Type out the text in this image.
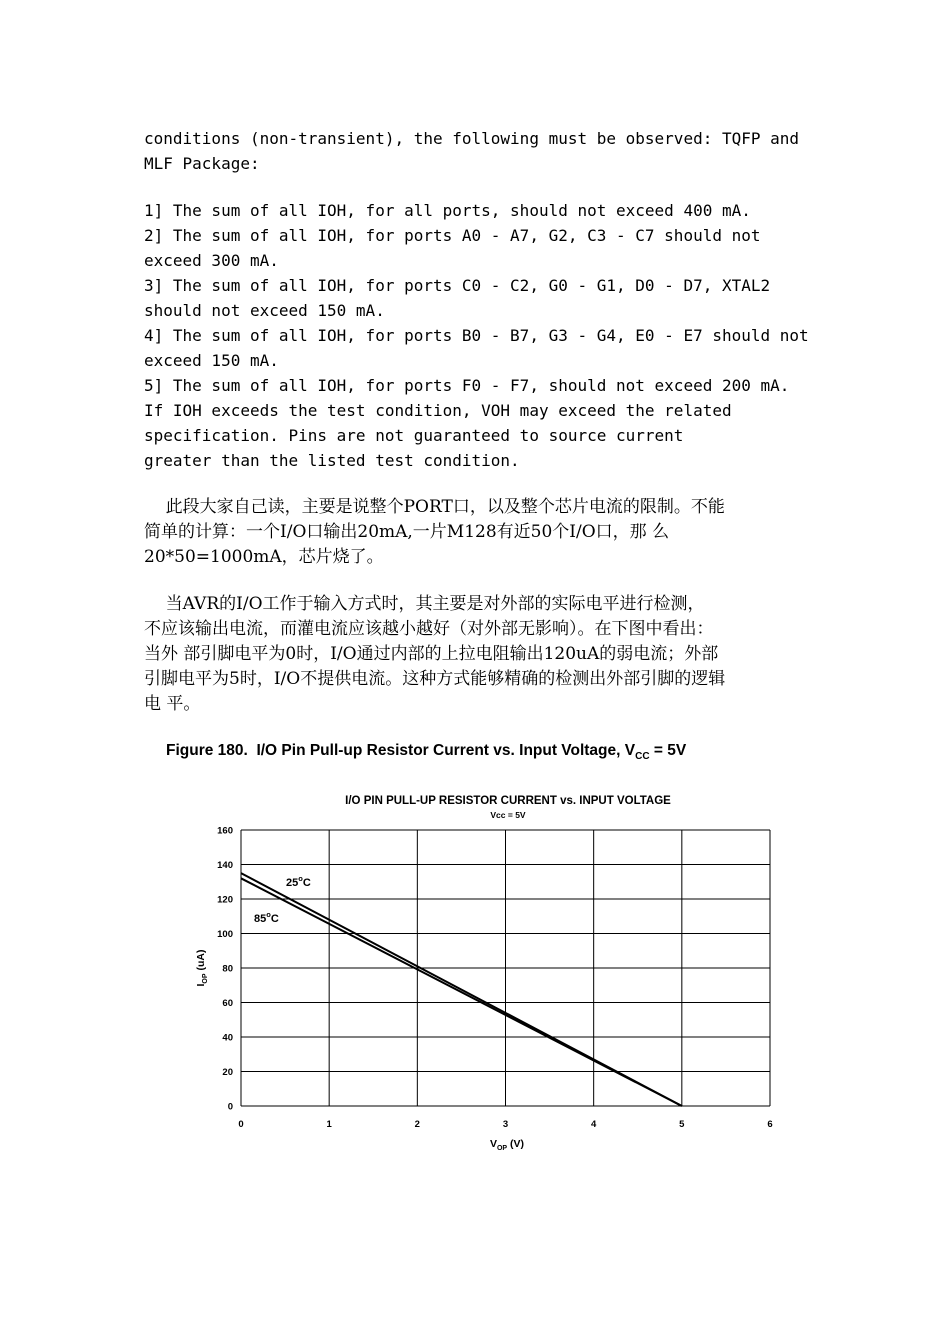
conditions (non-transient), the following must be observed: TQFP and
MLF Package:
1] The sum of all IOH, for all ports, should not exceed 400 mA.
2] The sum of all IOH, for ports A0 - A7, G2, C3 - C7 should not
exceed 300 mA.
3] The sum of all IOH, for ports C0 - C2, G0 - G1, D0 - D7, XTAL2
should not exceed 150 mA.
4] The sum of all IOH, for ports B0 - B7, G3 - G4, E0 - E7 should not
exceed 150 mA.
5] The sum of all IOH, for ports F0 - F7, should not exceed 200 mA.
If IOH exceeds the test condition, VOH may exceed the related
specification. Pins are not guaranteed to source current
greater than the listed test condition.
此段大家自己读，主要是说整个PORT口，以及整个芯片电流的限制。不能
简单的计算：一个I/O口输出20mA,一片M128有近50个I/O口，那 么
20*50=1000mA，芯片烧了。
当AVR的I/O工作于输入方式时，其主要是对外部的实际电平进行检测，
不应该输出电流，而灌电流应该越小越好（对外部无影响）。在下图中看出：
当外 部引脚电平为0时，I/O通过内部的上拉电阻输出120uA的弱电流；外部
引脚电平为5时，I/O不提供电流。这种方式能够精确的检测出外部引脚的逻辑
电 平。
Figure 180.  I/O Pin Pull-up Resistor Current vs. Input Voltage, $V_{CC} = 5V$
I/O PIN PULL-UP RESISTOR CURRENT vs. INPUT VOLTAGE
Vcc = 5V
0
20
40
60
80
100
120
140
160
0	1	2	3	4	5	6
25$^o$C
85$^o$C
$V_{OP}$ (V)
$I_{OP}$ (uA)
